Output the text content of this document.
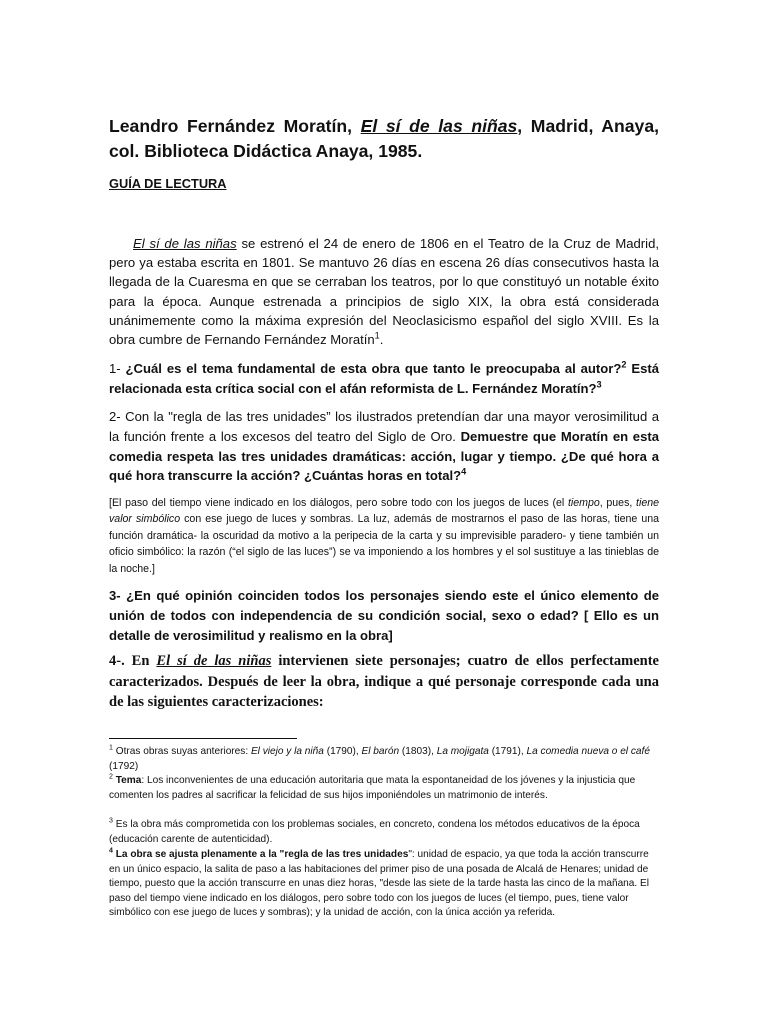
Leandro Fernández Moratín, El sí de las niñas, Madrid, Anaya, col. Biblioteca Didáctica Anaya, 1985.

GUÍA DE LECTURA

El sí de las niñas se estrenó el 24 de enero de 1806 en el Teatro de la Cruz de Madrid, pero ya estaba escrita en 1801. Se mantuvo 26 días en escena 26 días consecutivos hasta la llegada de la Cuaresma en que se cerraban los teatros, por lo que constituyó un notable éxito para la época. Aunque estrenada a principios de siglo XIX, la obra está considerada unánimemente como la máxima expresión del Neoclasicismo español del siglo XVIII. Es la obra cumbre de Fernando Fernández Moratín$^1$.

1- ¿Cuál es el tema fundamental de esta obra que tanto le preocupaba al autor?$^2$ Está relacionada esta crítica social con el afán reformista de L. Fernández Moratín?$^3$

2- Con la "regla de las tres unidades” los ilustrados pretendían dar una mayor verosimilitud a la función frente a los excesos del teatro del Siglo de Oro. Demuestre que Moratín en esta comedia respeta las tres unidades dramáticas: acción, lugar y tiempo. ¿De qué hora a qué hora transcurre la acción? ¿Cuántas horas en total?$^4$

[El paso del tiempo viene indicado en los diálogos, pero sobre todo con los juegos de luces (el tiempo, pues, tiene valor simbólico con ese juego de luces y sombras. La luz, además de mostrarnos el paso de las horas, tiene una función dramática- la oscuridad da motivo a la peripecia de la carta y su imprevisible paradero- y tiene también un oficio simbólico: la razón (“el siglo de las luces”) se va imponiendo a los hombres y el sol sustituye a las tinieblas de la noche.]

3- ¿En qué opinión coinciden todos los personajes siendo este el único elemento de unión de todos con independencia de su condición social, sexo o edad? [ Ello es un detalle de verosimilitud y realismo en la obra]

4-. En El sí de las niñas intervienen siete personajes; cuatro de ellos perfectamente caracterizados. Después de leer la obra, indique a qué personaje corresponde cada una de las siguientes caracterizaciones:

$^1$ Otras obras suyas anteriores: El viejo y la niña (1790), El barón (1803), La mojigata (1791), La comedia nueva o el café (1792)

$^2$ Tema: Los inconvenientes de una educación autoritaria que mata la espontaneidad de los jóvenes y la injusticia que comenten los padres al sacrificar la felicidad de sus hijos imponiéndoles un matrimonio de interés.

$^3$ Es la obra más comprometida con los problemas sociales, en concreto, condena los métodos educativos de la época (educación carente de autenticidad).

$^4$ La obra se ajusta plenamente a la "regla de las tres unidades": unidad de espacio, ya que toda la acción transcurre en un único espacio, la salita de paso a las habitaciones del primer piso de una posada de Alcalá de Henares; unidad de tiempo, puesto que la acción transcurre en unas diez horas, "desde las siete de la tarde hasta las cinco de la mañana. El paso del tiempo viene indicado en los diálogos, pero sobre todo con los juegos de luces (el tiempo, pues, tiene valor simbólico con ese juego de luces y sombras); y la unidad de acción, con la única acción ya referida.
